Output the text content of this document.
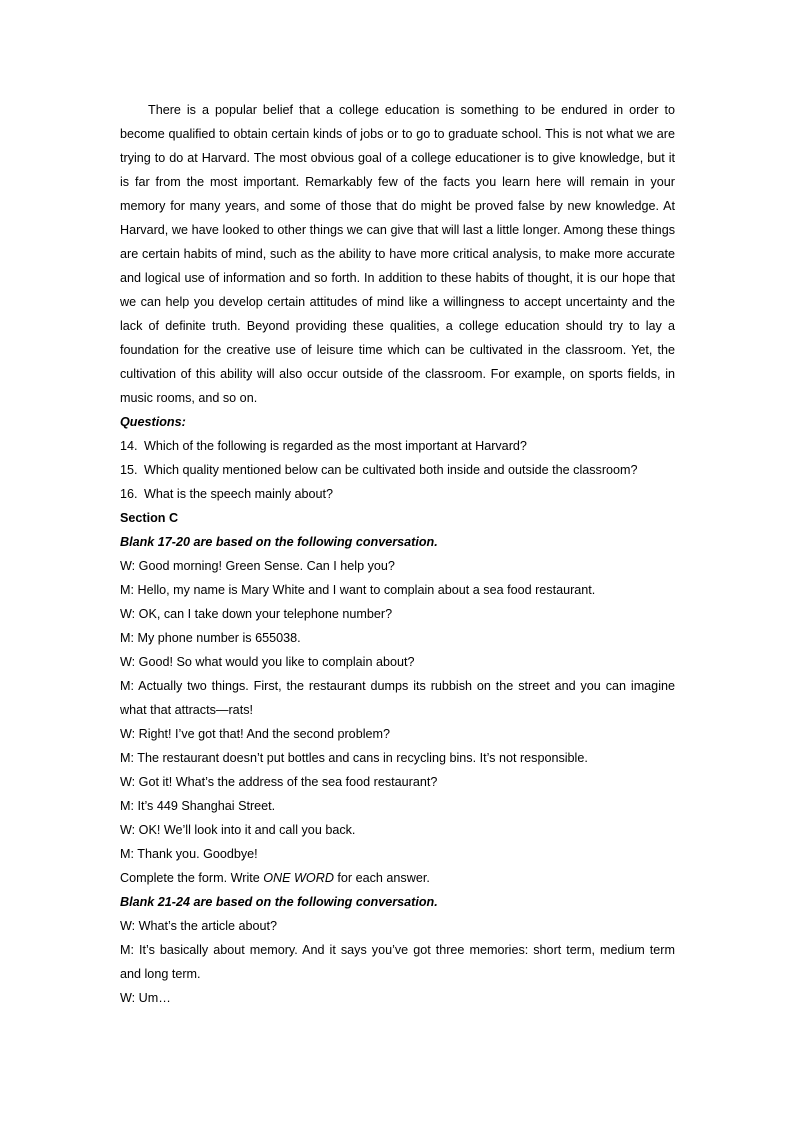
There is a popular belief that a college education is something to be endured in order to become qualified to obtain certain kinds of jobs or to go to graduate school. This is not what we are trying to do at Harvard. The most obvious goal of a college educationer is to give knowledge, but it is far from the most important. Remarkably few of the facts you learn here will remain in your memory for many years, and some of those that do might be proved false by new knowledge. At Harvard, we have looked to other things we can give that will last a little longer. Among these things are certain habits of mind, such as the ability to have more critical analysis, to make more accurate and logical use of information and so forth. In addition to these habits of thought, it is our hope that we can help you develop certain attitudes of mind like a willingness to accept uncertainty and the lack of definite truth. Beyond providing these qualities, a college education should try to lay a foundation for the creative use of leisure time which can be cultivated in the classroom. Yet, the cultivation of this ability will also occur outside of the classroom. For example, on sports fields, in music rooms, and so on.

Questions:

14. Which of the following is regarded as the most important at Harvard?

15. Which quality mentioned below can be cultivated both inside and outside the classroom?

16. What is the speech mainly about?

Section C

Blank 17-20 are based on the following conversation.

W: Good morning! Green Sense. Can I help you?

M: Hello, my name is Mary White and I want to complain about a sea food restaurant.

W: OK, can I take down your telephone number?

M: My phone number is 655038.

W: Good! So what would you like to complain about?

M: Actually two things. First, the restaurant dumps its rubbish on the street and you can imagine what that attracts—rats!

W: Right! I’ve got that! And the second problem?

M: The restaurant doesn’t put bottles and cans in recycling bins. It’s not responsible.

W: Got it! What’s the address of the sea food restaurant?

M: It’s 449 Shanghai Street.

W: OK! We’ll look into it and call you back.

M: Thank you. Goodbye!

Complete the form. Write ONE WORD for each answer.

Blank 21-24 are based on the following conversation.

W: What’s the article about?

M: It’s basically about memory. And it says you’ve got three memories: short term, medium term and long term.

W: Um…
